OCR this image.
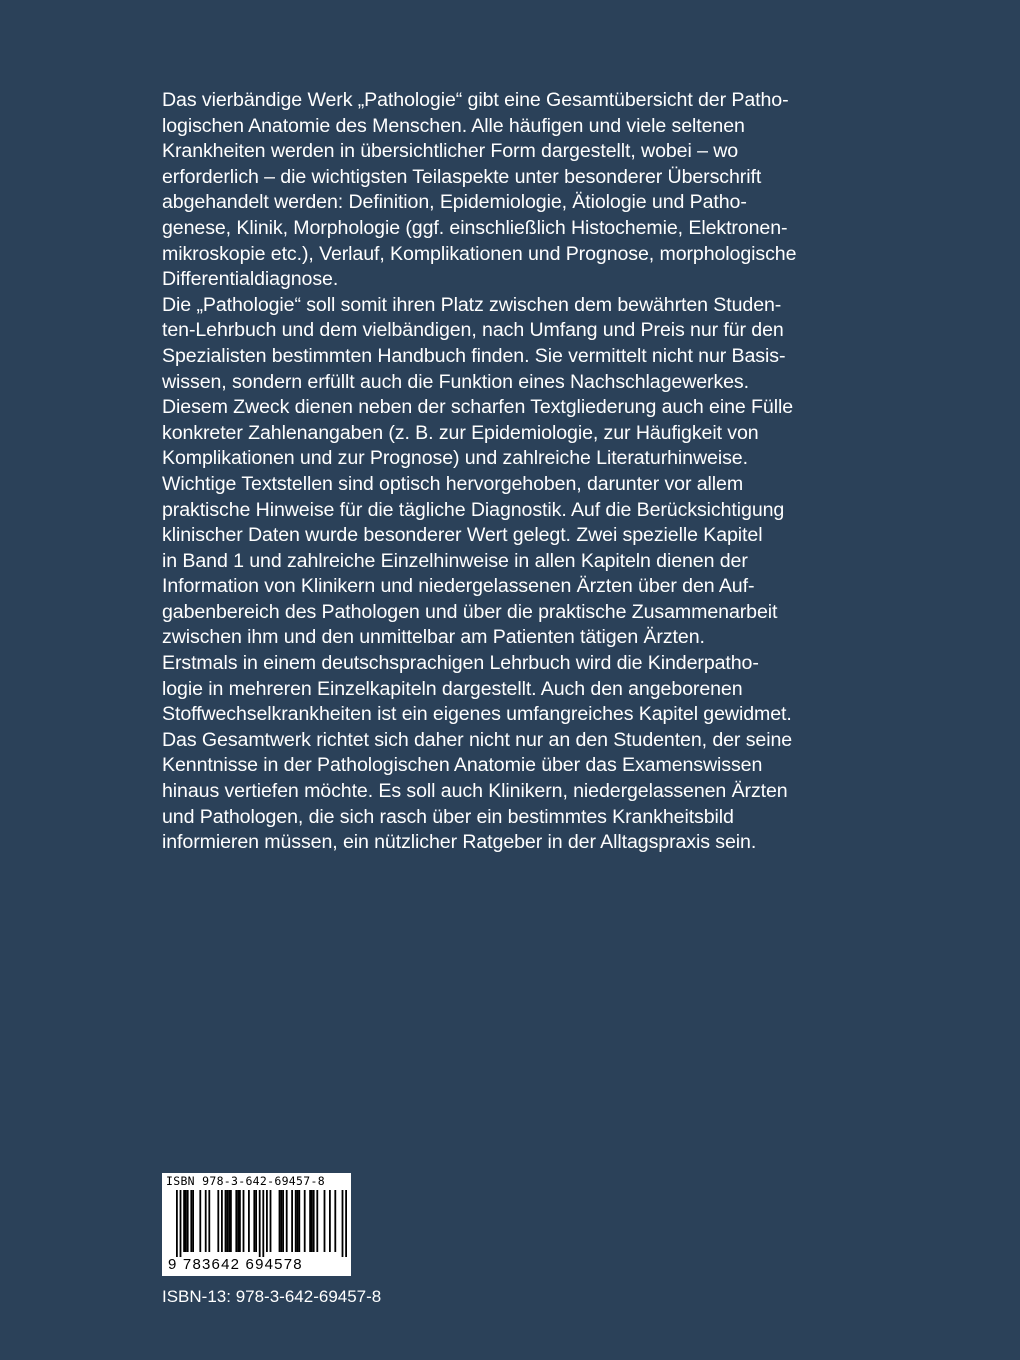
Das vierbändige Werk „Pathologie“ gibt eine Gesamtübersicht der Patho-
logischen Anatomie des Menschen. Alle häufigen und viele seltenen
Krankheiten werden in übersichtlicher Form dargestellt, wobei – wo
erforderlich – die wichtigsten Teilaspekte unter besonderer Überschrift
abgehandelt werden: Definition, Epidemiologie, Ätiologie und Patho-
genese, Klinik, Morphologie (ggf. einschließlich Histochemie, Elektronen-
mikroskopie etc.), Verlauf, Komplikationen und Prognose, morphologische
Differentialdiagnose.
Die „Pathologie“ soll somit ihren Platz zwischen dem bewährten Studen-
ten-Lehrbuch und dem vielbändigen, nach Umfang und Preis nur für den
Spezialisten bestimmten Handbuch finden. Sie vermittelt nicht nur Basis-
wissen, sondern erfüllt auch die Funktion eines Nachschlagewerkes.
Diesem Zweck dienen neben der scharfen Textgliederung auch eine Fülle
konkreter Zahlenangaben (z. B. zur Epidemiologie, zur Häufigkeit von
Komplikationen und zur Prognose) und zahlreiche Literaturhinweise.
Wichtige Textstellen sind optisch hervorgehoben, darunter vor allem
praktische Hinweise für die tägliche Diagnostik. Auf die Berücksichtigung
klinischer Daten wurde besonderer Wert gelegt. Zwei spezielle Kapitel
in Band 1 und zahlreiche Einzelhinweise in allen Kapiteln dienen der
Information von Klinikern und niedergelassenen Ärzten über den Auf-
gabenbereich des Pathologen und über die praktische Zusammenarbeit
zwischen ihm und den unmittelbar am Patienten tätigen Ärzten.
Erstmals in einem deutschsprachigen Lehrbuch wird die Kinderpatho-
logie in mehreren Einzelkapiteln dargestellt. Auch den angeborenen
Stoffwechselkrankheiten ist ein eigenes umfangreiches Kapitel gewidmet.
Das Gesamtwerk richtet sich daher nicht nur an den Studenten, der seine
Kenntnisse in der Pathologischen Anatomie über das Examenswissen
hinaus vertiefen möchte. Es soll auch Klinikern, niedergelassenen Ärzten
und Pathologen, die sich rasch über ein bestimmtes Krankheitsbild
informieren müssen, ein nützlicher Ratgeber in der Alltagspraxis sein.
ISBN 978-3-642-69457-8
9 783642 694578
ISBN-13: 978-3-642-69457-8
